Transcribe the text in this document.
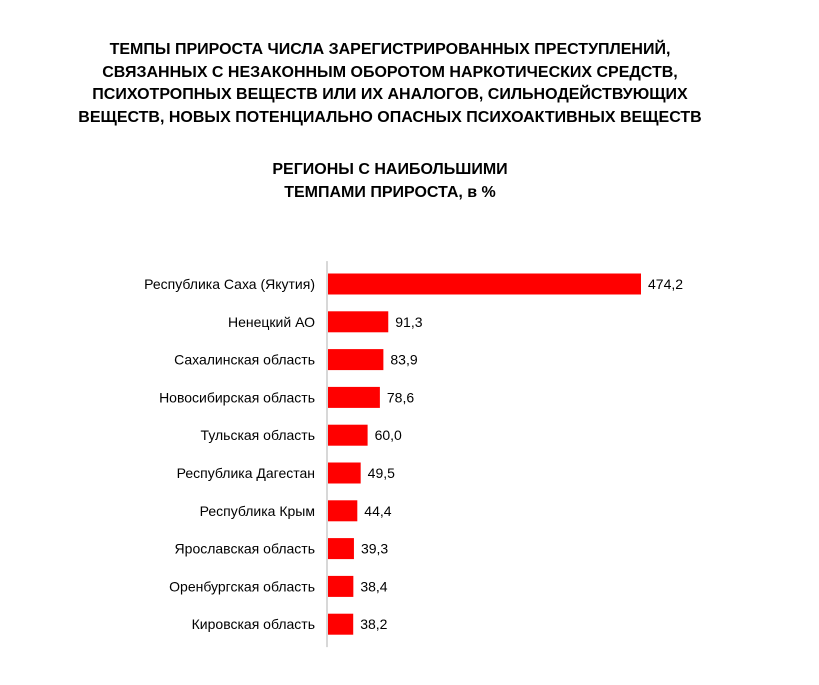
ТЕМПЫ ПРИРОСТА ЧИСЛА ЗАРЕГИСТРИРОВАННЫХ ПРЕСТУПЛЕНИЙ,
СВЯЗАННЫХ С НЕЗАКОННЫМ ОБОРОТОМ НАРКОТИЧЕСКИХ СРЕДСТВ,
ПСИХОТРОПНЫХ ВЕЩЕСТВ ИЛИ ИХ АНАЛОГОВ, СИЛЬНОДЕЙСТВУЮЩИХ
ВЕЩЕСТВ, НОВЫХ ПОТЕНЦИАЛЬНО ОПАСНЫХ ПСИХОАКТИВНЫХ ВЕЩЕСТВ
РЕГИОНЫ С НАИБОЛЬШИМИ
ТЕМПАМИ ПРИРОСТА, в %
Республика Саха (Якутия)	474,2
Ненецкий АО	91,3
Сахалинская область	83,9
Новосибирская область	78,6
Тульская область	60,0
Республика Дагестан	49,5
Республика Крым	44,4
Ярославская область	39,3
Оренбургская область	38,4
Кировская область	38,2
